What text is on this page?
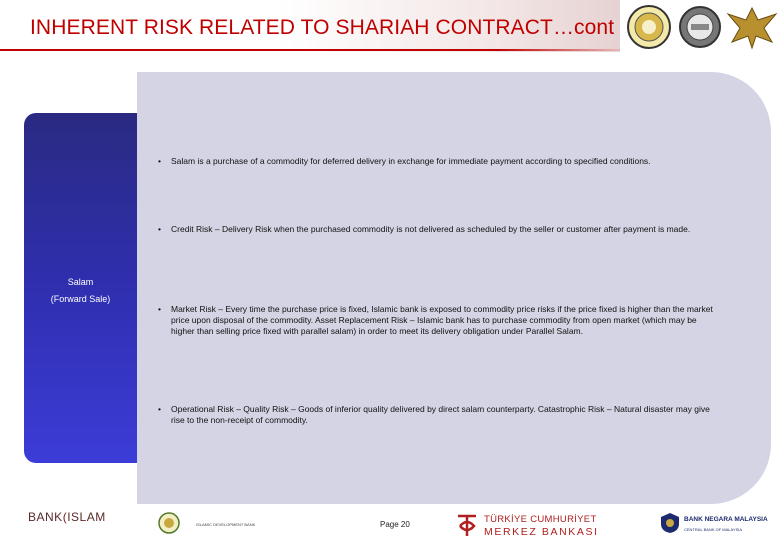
INHERENT RISK RELATED TO SHARIAH CONTRACT…cont
Salam
(Forward Sale)
• Salam is a purchase of a commodity for deferred delivery in exchange for immediate payment according to specified conditions.
• Credit Risk – Delivery Risk when the purchased commodity is not delivered as scheduled by the seller or customer after payment is made.
• Market Risk – Every time the purchase price is fixed, Islamic bank is exposed to commodity price risks if the price fixed is higher than the market price upon disposal of the commodity. Asset Replacement Risk – Islamic bank has to purchase commodity from open market (which may be higher than selling price fixed with parallel salam) in order to meet its delivery obligation under Parallel Salam.
• Operational Risk – Quality Risk – Goods of inferior quality delivered by direct salam counterparty. Catastrophic Risk – Natural disaster may give rise to the non-receipt of commodity.
BANK(ISLAM
ISLAMIC DEVELOPMENT BANK	Page 20	TÜRKİYE CUMHURİYET
MERKEZ BANKASI
BANK NEGARA MALAYSIA
CENTRAL BANK OF MALAYSIA
